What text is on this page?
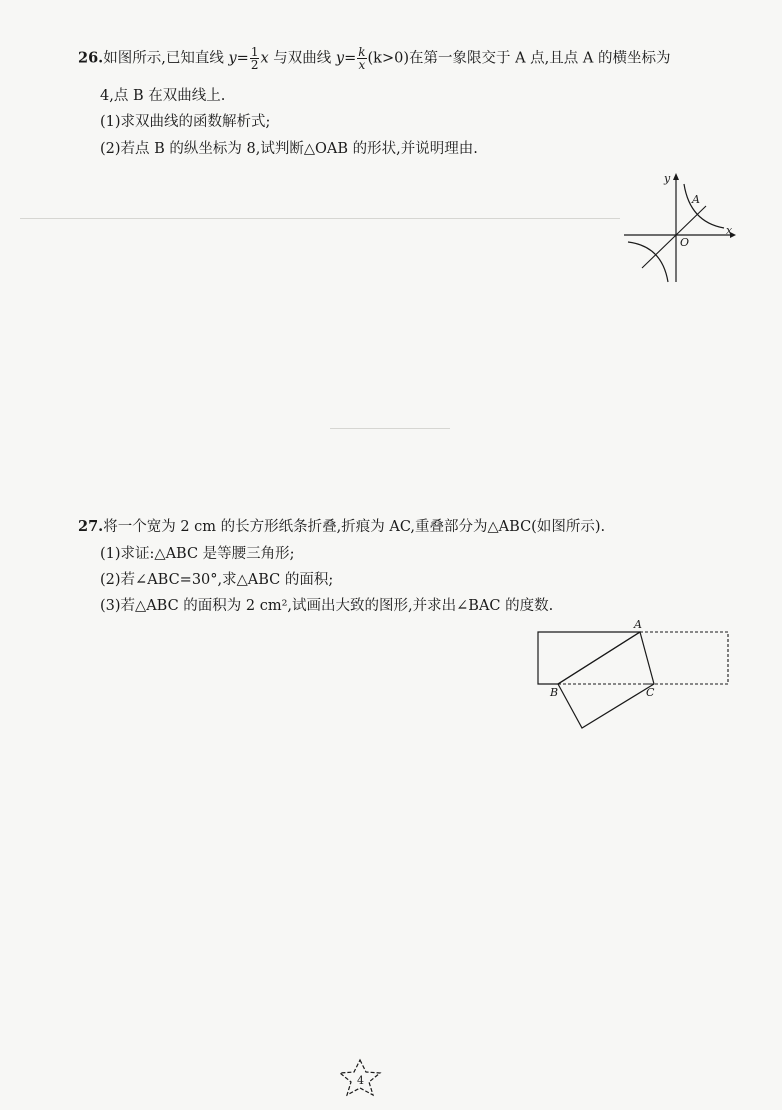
26.如图所示,已知直线 $y= \frac{1}{2}$ x 与双曲线 $y= \frac{k}{x} (k>0)$在第一象限交于 A 点,且点 A 的横坐标为
4,点 B 在双曲线上.
(1)求双曲线的函数解析式;
(2)若点 B 的纵坐标为 8,试判断△OAB 的形状,并说明理由.
y
x
A
O
27.将一个宽为 2 cm 的长方形纸条折叠,折痕为 AC,重叠部分为△ABC(如图所示).
(1)求证:△ABC 是等腰三角形;
(2)若∠ABC=30°,求△ABC 的面积;
(3)若△ABC 的面积为 2 cm²,试画出大致的图形,并求出∠BAC 的度数.
A
B	C
4
